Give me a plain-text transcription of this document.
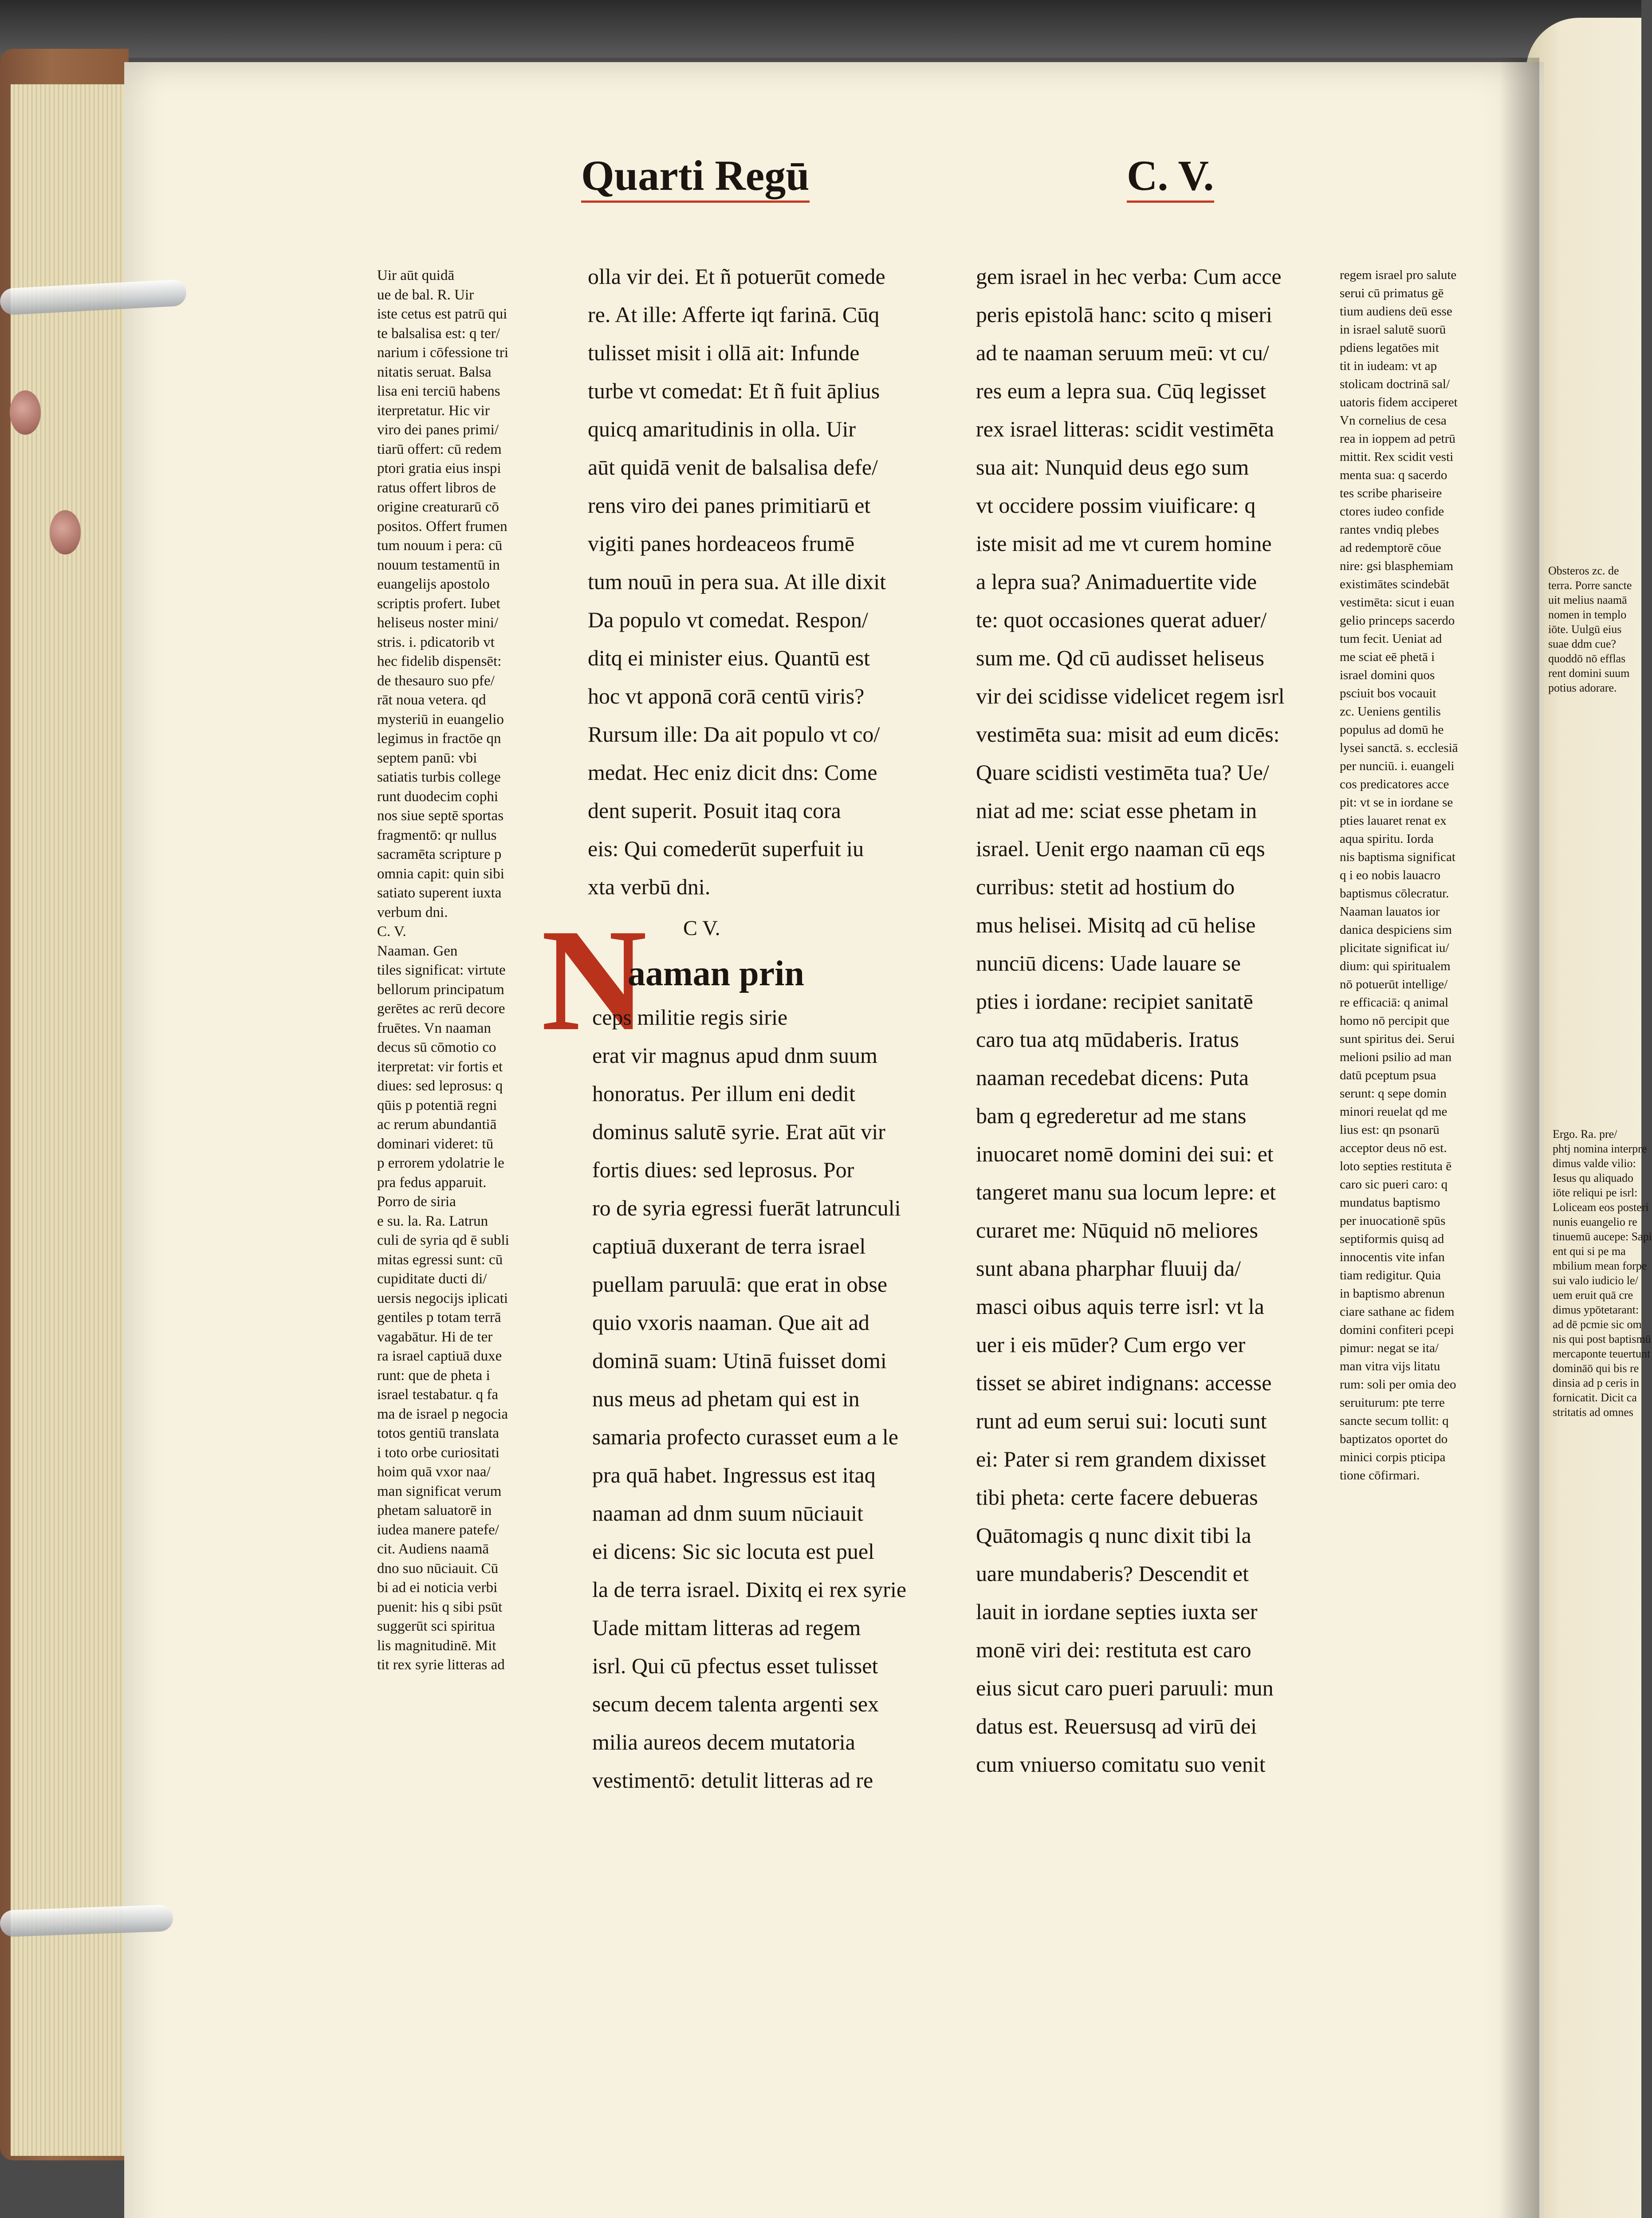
Quarti Regū	C. V.
Uir aūt quidā
ue de bal. R. Uir
iste cetus est patrū qui
te balsalisa est: q ter/
narium i cōfessione tri
nitatis seruat. Balsa
lisa eni terciū habens
iterpretatur. Hic vir
viro dei panes primi/
tiarū offert: cū redem
ptori gratia eius inspi
ratus offert libros de
origine creaturarū cō
positos. Offert frumen
tum nouum i pera: cū
nouum testamentū in
euangelijs apostolo
scriptis profert. Iubet
heliseus noster mini/
stris. i. pdicatorib vt
hec fidelib dispensēt:
de thesauro suo pfe/
rāt noua vetera. qd
mysteriū in euangelio
legimus in fractōe qn
septem panū: vbi
satiatis turbis college
runt duodecim cophi
nos siue septē sportas
fragmentō: qr nullus
sacramēta scripture p
omnia capit: quin sibi
satiato superent iuxta
verbum dni.
C. V.
Naaman. Gen
tiles significat: virtute
bellorum principatum
gerētes ac rerū decore
fruētes. Vn naaman
decus sū cōmotio co
iterpretat: vir fortis et
diues: sed leprosus: q
qūis p potentiā regni
ac rerum abundantiā
dominari videret: tū
p errorem ydolatrie le
pra fedus apparuit.
Porro de siria
e su. la. Ra. Latrun
culi de syria qd ē subli
mitas egressi sunt: cū
cupiditate ducti di/
uersis negocijs iplicati
gentiles p totam terrā
vagabātur. Hi de ter
ra israel captiuā duxe
runt: que de pheta i
israel testabatur. q fa
ma de israel p negocia
totos gentiū translata
i toto orbe curiositati
hoim quā vxor naa/
man significat verum
phetam saluatorē in
iudea manere patefe/
cit. Audiens naamā
dno suo nūciauit. Cū
bi ad ei noticia verbi
puenit: his q sibi psūt
suggerūt sci spiritua
lis magnitudinē. Mit
tit rex syrie litteras ad
olla vir dei. Et ñ potuerūt comede
re. At ille: Afferte iqt farinā. Cūq
tulisset misit i ollā ait: Infunde
turbe vt comedat: Et ñ fuit āplius
quicq amaritudinis in olla. Uir
aūt quidā venit de balsalisa defe/
rens viro dei panes primitiarū et
vigiti panes hordeaceos frumē
tum nouū in pera sua. At ille dixit
Da populo vt comedat. Respon/
ditq ei minister eius. Quantū est
hoc vt apponā corā centū viris?
Rursum ille: Da ait populo vt co/
medat. Hec eniz dicit dns: Come
dent superit. Posuit itaq cora
eis: Qui comederūt superfuit iu
xta verbū dni.
C V.
N
aaman prin
ceps militie regis sirie
erat vir magnus apud dnm suum
honoratus. Per illum eni dedit
dominus salutē syrie. Erat aūt vir
fortis diues: sed leprosus. Por
ro de syria egressi fuerāt latrunculi
captiuā duxerant de terra israel
puellam paruulā: que erat in obse
quio vxoris naaman. Que ait ad
dominā suam: Utinā fuisset domi
nus meus ad phetam qui est in
samaria profecto curasset eum a le
pra quā habet. Ingressus est itaq
naaman ad dnm suum nūciauit
ei dicens: Sic sic locuta est puel
la de terra israel. Dixitq ei rex syrie
Uade mittam litteras ad regem
isrl. Qui cū pfectus esset tulisset
secum decem talenta argenti sex
milia aureos decem mutatoria
vestimentō: detulit litteras ad re
gem israel in hec verba: Cum acce
peris epistolā hanc: scito q miseri
ad te naaman seruum meū: vt cu/
res eum a lepra sua. Cūq legisset
rex israel litteras: scidit vestimēta
sua ait: Nunquid deus ego sum
vt occidere possim viuificare: q
iste misit ad me vt curem homine
a lepra sua? Animaduertite vide
te: quot occasiones querat aduer/
sum me. Qd cū audisset heliseus
vir dei scidisse videlicet regem isrl
vestimēta sua: misit ad eum dicēs:
Quare scidisti vestimēta tua? Ue/
niat ad me: sciat esse phetam in
israel. Uenit ergo naaman cū eqs
curribus: stetit ad hostium do
mus helisei. Misitq ad cū helise
nunciū dicens: Uade lauare se
pties i iordane: recipiet sanitatē
caro tua atq mūdaberis. Iratus
naaman recedebat dicens: Puta
bam q egrederetur ad me stans
inuocaret nomē domini dei sui: et
tangeret manu sua locum lepre: et
curaret me: Nūquid nō meliores
sunt abana pharphar fluuij da/
masci oibus aquis terre isrl: vt la
uer i eis mūder? Cum ergo ver
tisset se abiret indignans: accesse
runt ad eum serui sui: locuti sunt
ei: Pater si rem grandem dixisset
tibi pheta: certe facere debueras
Quātomagis q nunc dixit tibi la
uare mundaberis? Descendit et
lauit in iordane septies iuxta ser
monē viri dei: restituta est caro
eius sicut caro pueri paruuli: mun
datus est. Reuersusq ad virū dei
cum vniuerso comitatu suo venit
regem israel pro salute
serui cū primatus gē
tium audiens deū esse
in israel salutē suorū
pdiens legatōes mit
tit in iudeam: vt ap
stolicam doctrinā sal/
uatoris fidem acciperet
Vn cornelius de cesa
rea in ioppem ad petrū
mittit. Rex scidit vesti
menta sua: q sacerdo
tes scribe phariseire
ctores iudeo confide
rantes vndiq plebes
ad redemptorē cōue
nire: gsi blasphemiam
existimātes scindebāt
vestimēta: sicut i euan
gelio princeps sacerdo
tum fecit. Ueniat ad
me sciat eē phetā i
israel domini quos
psciuit bos vocauit
zc. Ueniens gentilis
populus ad domū he
lysei sanctā. s. ecclesiā
per nunciū. i. euangeli
cos predicatores acce
pit: vt se in iordane se
pties lauaret renat ex
aqua spiritu. Iorda
nis baptisma significat
q i eo nobis lauacro
baptismus cōlecratur.
Naaman lauatos ior
danica despiciens sim
plicitate significat iu/
dium: qui spiritualem
nō potuerūt intellige/
re efficaciā: q animal
homo nō percipit que
sunt spiritus dei. Serui
melioni psilio ad man
datū pceptum psua
serunt: q sepe domin
minori reuelat qd me
lius est: qn psonarū
acceptor deus nō est.
loto septies restituta ē
caro sic pueri caro: q
mundatus baptismo
per inuocationē spūs
septiformis quisq ad
innocentis vite infan
tiam redigitur. Quia
in baptismo abrenun
ciare sathane ac fidem
domini confiteri pcepi
pimur: negat se ita/
man vitra vijs litatu
rum: soli per omia deo
seruiturum: pte terre
sancte secum tollit: q
baptizatos oportet do
minici corpis pticipa
tione cōfirmari.
Obsteros zc. de
terra. Porre sancte
uit melius naamā
nomen in templo
iōte. Uulgū eius
suae ddm cue?
quoddō nō efflas
rent domini suum
potius adorare.
Ergo. Ra. pre/
phtj nomina interpre
dimus valde vilio:
Iesus qu aliquado
iōte reliqui pe isrl:
Loliceam eos posteri
nunis euangelio re
tinuemū aucepe: Sapi
ent qui si pe ma
mbilium mean forpe
sui valo iudicio le/
uem eruit quā cre
dimus ypōtetarant:
ad dē pcmie sic om
nis qui post baptismū
mercaponte teuertunt
domināō qui bis re
dinsia ad p ceris in
fornicatit. Dicit ca
stritatis ad omnes
